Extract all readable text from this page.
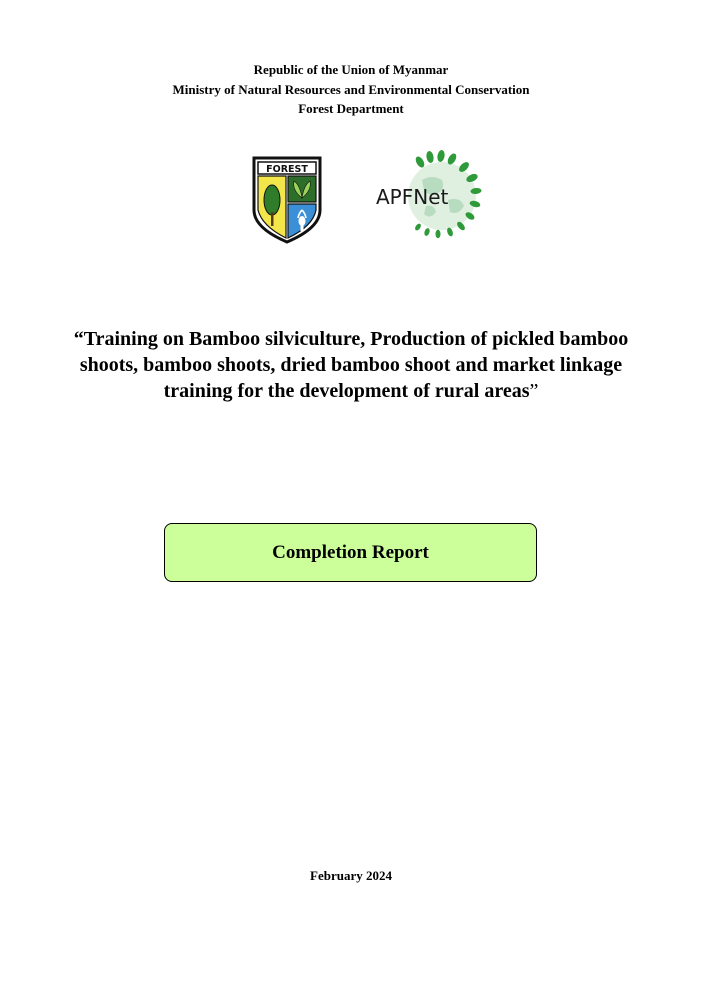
Republic of the Union of Myanmar
Ministry of Natural Resources and Environmental Conservation
Forest Department
FOREST
APFNet
“Training on Bamboo silviculture, Production of pickled bamboo
shoots, bamboo shoots, dried bamboo shoot and market linkage
training for the development of rural areas”
Completion Report
February 2024
